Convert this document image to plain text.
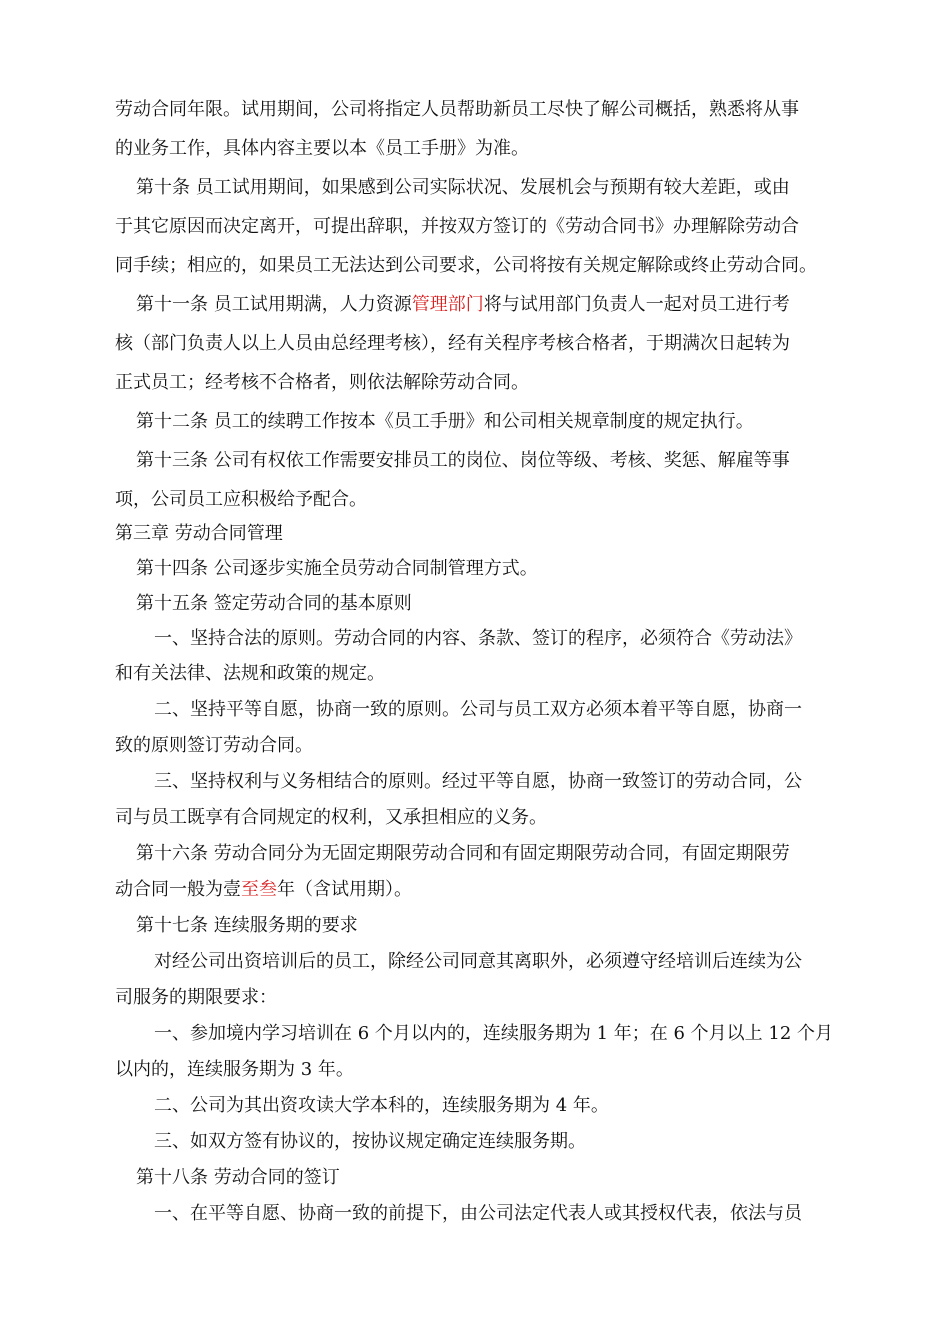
劳动合同年限。试用期间，公司将指定人员帮助新员工尽快了解公司概括，熟悉将从事
的业务工作，具体内容主要以本《员工手册》为准。
第十条 员工试用期间，如果感到公司实际状况、发展机会与预期有较大差距，或由
于其它原因而决定离开，可提出辞职，并按双方签订的《劳动合同书》办理解除劳动合
同手续；相应的，如果员工无法达到公司要求，公司将按有关规定解除或终止劳动合同。
第十一条 员工试用期满，人力资源管理部门将与试用部门负责人一起对员工进行考
核（部门负责人以上人员由总经理考核），经有关程序考核合格者，于期满次日起转为
正式员工；经考核不合格者，则依法解除劳动合同。
第十二条 员工的续聘工作按本《员工手册》和公司相关规章制度的规定执行。
第十三条 公司有权依工作需要安排员工的岗位、岗位等级、考核、奖惩、解雇等事
项，公司员工应积极给予配合。
第三章 劳动合同管理
第十四条 公司逐步实施全员劳动合同制管理方式。
第十五条 签定劳动合同的基本原则
一、坚持合法的原则。劳动合同的内容、条款、签订的程序，必须符合《劳动法》
和有关法律、法规和政策的规定。
二、坚持平等自愿，协商一致的原则。公司与员工双方必须本着平等自愿，协商一
致的原则签订劳动合同。
三、坚持权利与义务相结合的原则。经过平等自愿，协商一致签订的劳动合同，公
司与员工既享有合同规定的权利，又承担相应的义务。
第十六条 劳动合同分为无固定期限劳动合同和有固定期限劳动合同，有固定期限劳
动合同一般为壹至叁年（含试用期）。
第十七条 连续服务期的要求
对经公司出资培训后的员工，除经公司同意其离职外，必须遵守经培训后连续为公
司服务的期限要求：
一、参加境内学习培训在 6 个月以内的，连续服务期为 1 年；在 6 个月以上 12 个月
以内的，连续服务期为 3 年。
二、公司为其出资攻读大学本科的，连续服务期为 4 年。
三、如双方签有协议的，按协议规定确定连续服务期。
第十八条 劳动合同的签订
一、在平等自愿、协商一致的前提下，由公司法定代表人或其授权代表，依法与员
